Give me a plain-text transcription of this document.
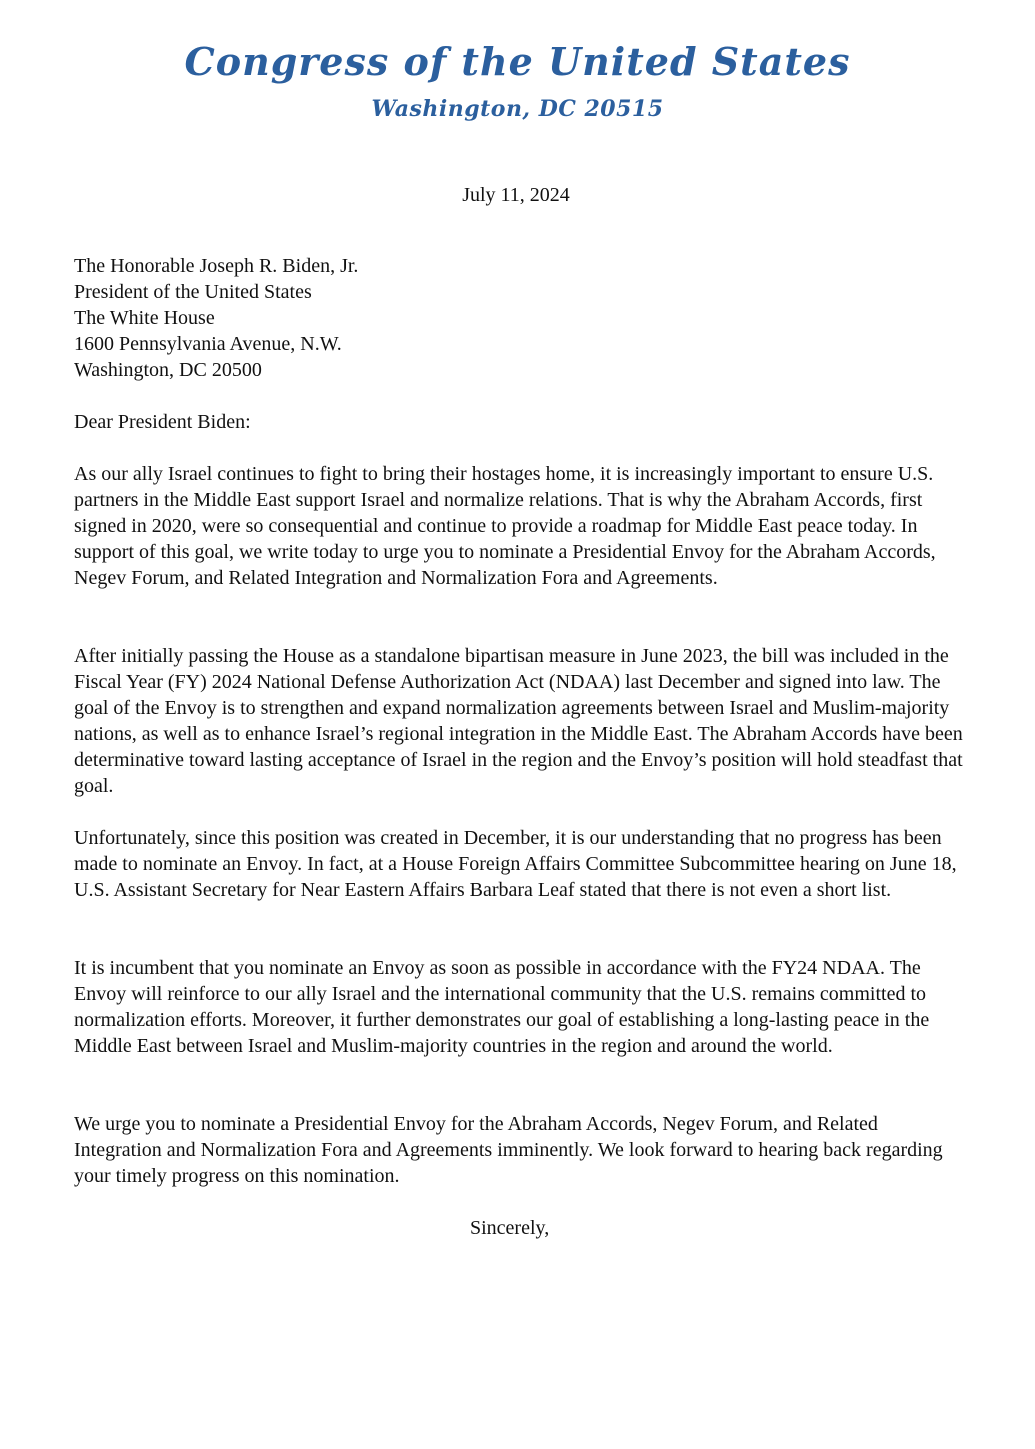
Congress of the United States
Washington, DC 20515
July 11, 2024
The Honorable Joseph R. Biden, Jr.
President of the United States
The White House
1600 Pennsylvania Avenue, N.W.
Washington, DC 20500
Dear President Biden:

As our ally Israel continues to fight to bring their hostages home, it is increasingly important to ensure U.S. partners in the Middle East support Israel and normalize relations. That is why the Abraham Accords, first signed in 2020, were so consequential and continue to provide a roadmap for Middle East peace today. In support of this goal, we write today to urge you to nominate a Presidential Envoy for the Abraham Accords, Negev Forum, and Related Integration and Normalization Fora and Agreements.

After initially passing the House as a standalone bipartisan measure in June 2023, the bill was included in the Fiscal Year (FY) 2024 National Defense Authorization Act (NDAA) last December and signed into law. The goal of the Envoy is to strengthen and expand normalization agreements between Israel and Muslim-majority nations, as well as to enhance Israel’s regional integration in the Middle East. The Abraham Accords have been determinative toward lasting acceptance of Israel in the region and the Envoy’s position will hold steadfast that goal.

Unfortunately, since this position was created in December, it is our understanding that no progress has been made to nominate an Envoy. In fact, at a House Foreign Affairs Committee Subcommittee hearing on June 18, U.S. Assistant Secretary for Near Eastern Affairs Barbara Leaf stated that there is not even a short list.

It is incumbent that you nominate an Envoy as soon as possible in accordance with the FY24 NDAA. The Envoy will reinforce to our ally Israel and the international community that the U.S. remains committed to normalization efforts. Moreover, it further demonstrates our goal of establishing a long-lasting peace in the Middle East between Israel and Muslim-majority countries in the region and around the world.

We urge you to nominate a Presidential Envoy for the Abraham Accords, Negev Forum, and Related Integration and Normalization Fora and Agreements imminently. We look forward to hearing back regarding your timely progress on this nomination.

Sincerely,
